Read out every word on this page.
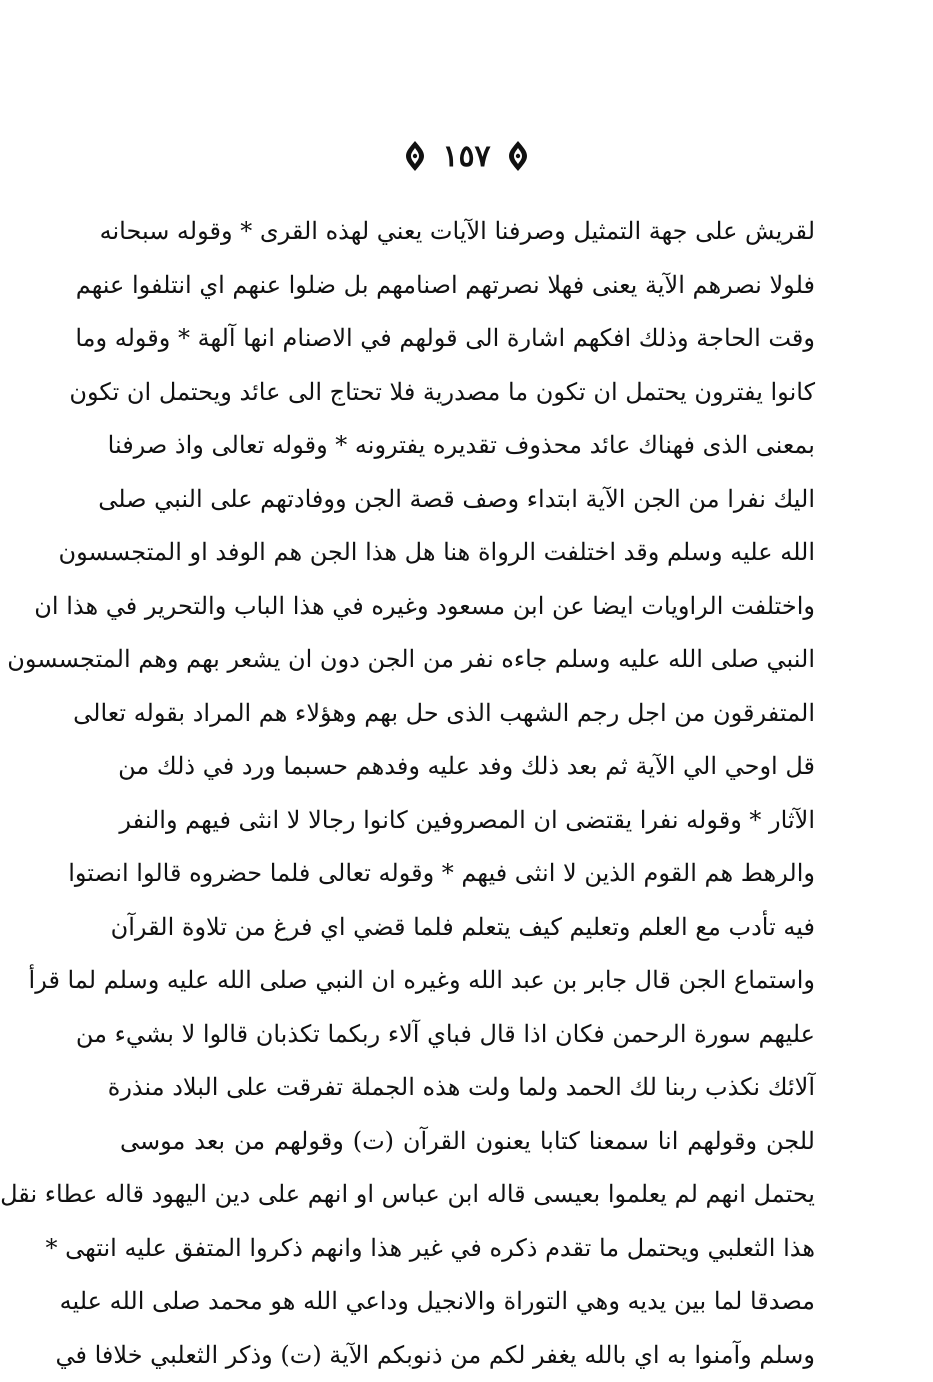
١٥٧
لقريش على جهة التمثيل وصرفنا الآيات يعني لهذه القرى * وقوله سبحانه
فلولا نصرهم الآية يعنى فهلا نصرتهم اصنامهم بل ضلوا عنهم اي انتلفوا عنهم
وقت الحاجة وذلك افكهم اشارة الى قولهم في الاصنام انها آلهة * وقوله وما
كانوا يفترون يحتمل ان تكون ما مصدرية فلا تحتاج الى عائد ويحتمل ان تكون
بمعنى الذى فهناك عائد محذوف تقديره يفترونه * وقوله تعالى واذ صرفنا
اليك نفرا من الجن الآية ابتداء وصف قصة الجن ووفادتهم على النبي صلى
الله عليه وسلم وقد اختلفت الرواة هنا هل هذا الجن هم الوفد او المتجسسون
واختلفت الراويات ايضا عن ابن مسعود وغيره في هذا الباب والتحرير في هذا ان
النبي صلى الله عليه وسلم جاءه نفر من الجن دون ان يشعر بهم وهم المتجسسون
المتفرقون من اجل رجم الشهب الذى حل بهم وهؤلاء هم المراد بقوله تعالى
قل اوحي الي الآية ثم بعد ذلك وفد عليه وفدهم حسبما ورد في ذلك من
الآثار * وقوله نفرا يقتضى ان المصروفين كانوا رجالا لا انثى فيهم والنفر
والرهط هم القوم الذين لا انثى فيهم * وقوله تعالى فلما حضروه قالوا انصتوا
فيه تأدب مع العلم وتعليم كيف يتعلم فلما قضي اي فرغ من تلاوة القرآن
واستماع الجن قال جابر بن عبد الله وغيره ان النبي صلى الله عليه وسلم لما قرأ
عليهم سورة الرحمن فكان اذا قال فباي آلاء ربكما تكذبان قالوا لا بشيء من
آلائك نكذب ربنا لك الحمد ولما ولت هذه الجملة تفرقت على البلاد منذرة
للجن وقولهم انا سمعنا كتابا يعنون القرآن (ت) وقولهم من بعد موسى
يحتمل انهم لم يعلموا بعيسى قاله ابن عباس او انهم على دين اليهود قاله عطاء نقل
هذا الثعلبي ويحتمل ما تقدم ذكره في غير هذا وانهم ذكروا المتفق عليه انتهى *
مصدقا لما بين يديه وهي التوراة والانجيل وداعي الله هو محمد صلى الله عليه
وسلم وآمنوا به اي بالله يغفر لكم من ذنوبكم الآية (ت) وذكر الثعلبي خلافا في
